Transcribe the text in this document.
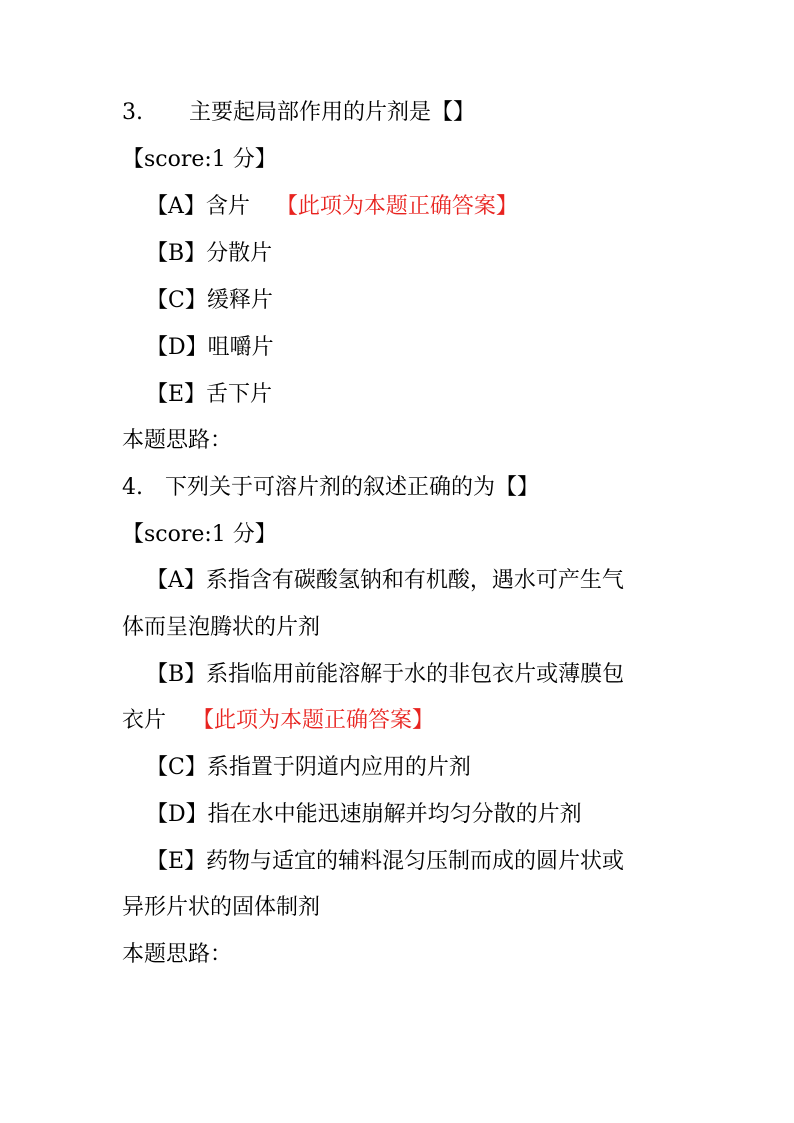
3. 主要起局部作用的片剂是【】
【score:1 分】
【A】含片 【此项为本题正确答案】
【B】分散片
【C】缓释片
【D】咀嚼片
【E】舌下片
本题思路：
4. 下列关于可溶片剂的叙述正确的为【】
【score:1 分】
【A】系指含有碳酸氢钠和有机酸，遇水可产生气
体而呈泡腾状的片剂
【B】系指临用前能溶解于水的非包衣片或薄膜包
衣片 【此项为本题正确答案】
【C】系指置于阴道内应用的片剂
【D】指在水中能迅速崩解并均匀分散的片剂
【E】药物与适宜的辅料混匀压制而成的圆片状或
异形片状的固体制剂
本题思路：
